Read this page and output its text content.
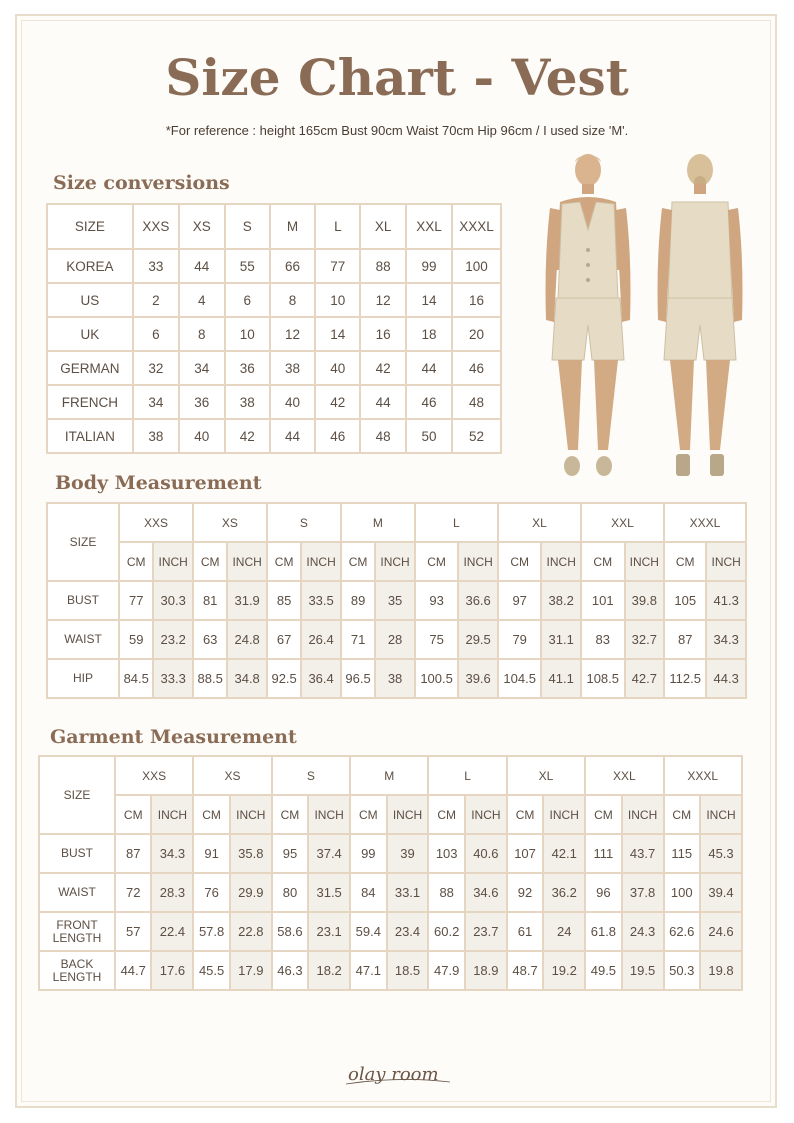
Size Chart - Vest
*For reference : height 165cm Bust 90cm Waist 70cm Hip 96cm / I used size 'M'.
Size conversions
SIZE	XXS	XS	S	M	L	XL	XXL	XXXL
KOREA	33	44	55	66	77	88	99	100
US	2	4	6	8	10	12	14	16
UK	6	8	10	12	14	16	18	20
GERMAN	32	34	36	38	40	42	44	46
FRENCH	34	36	38	40	42	44	46	48
ITALIAN	38	40	42	44	46	48	50	52
Body Measurement
SIZE	XXS		XS		S		M		L		XL		XXL		XXXL	
	CM	INCH	CM	INCH	CM	INCH	CM	INCH	CM	INCH	CM	INCH	CM	INCH	CM	INCH
BUST	77	30.3	81	31.9	85	33.5	89	35	93	36.6	97	38.2	101	39.8	105	41.3
WAIST	59	23.2	63	24.8	67	26.4	71	28	75	29.5	79	31.1	83	32.7	87	34.3
HIP	84.5	33.3	88.5	34.8	92.5	36.4	96.5	38	100.5	39.6	104.5	41.1	108.5	42.7	112.5	44.3
Garment Measurement
SIZE	XXS		XS		S		M		L		XL		XXL		XXXL	
	CM	INCH	CM	INCH	CM	INCH	CM	INCH	CM	INCH	CM	INCH	CM	INCH	CM	INCH

BUST	87	34.3	91	35.8	95	37.4	99	39	103	40.6	107	42.1	111	43.7	115	45.3

WAIST	72	28.3	76	29.9	80	31.5	84	33.1	88	34.6	92	36.2	96	37.8	100	39.4

FRONT
LENGTH	57	22.4	57.8	22.8	58.6	23.1	59.4	23.4	60.2	23.7	61	24	61.8	24.3	62.6	24.6

BACK
LENGTH	44.7	17.6	45.5	17.9	46.3	18.2	47.1	18.5	47.9	18.9	48.7	19.2	49.5	19.5	50.3	19.8
olay room
